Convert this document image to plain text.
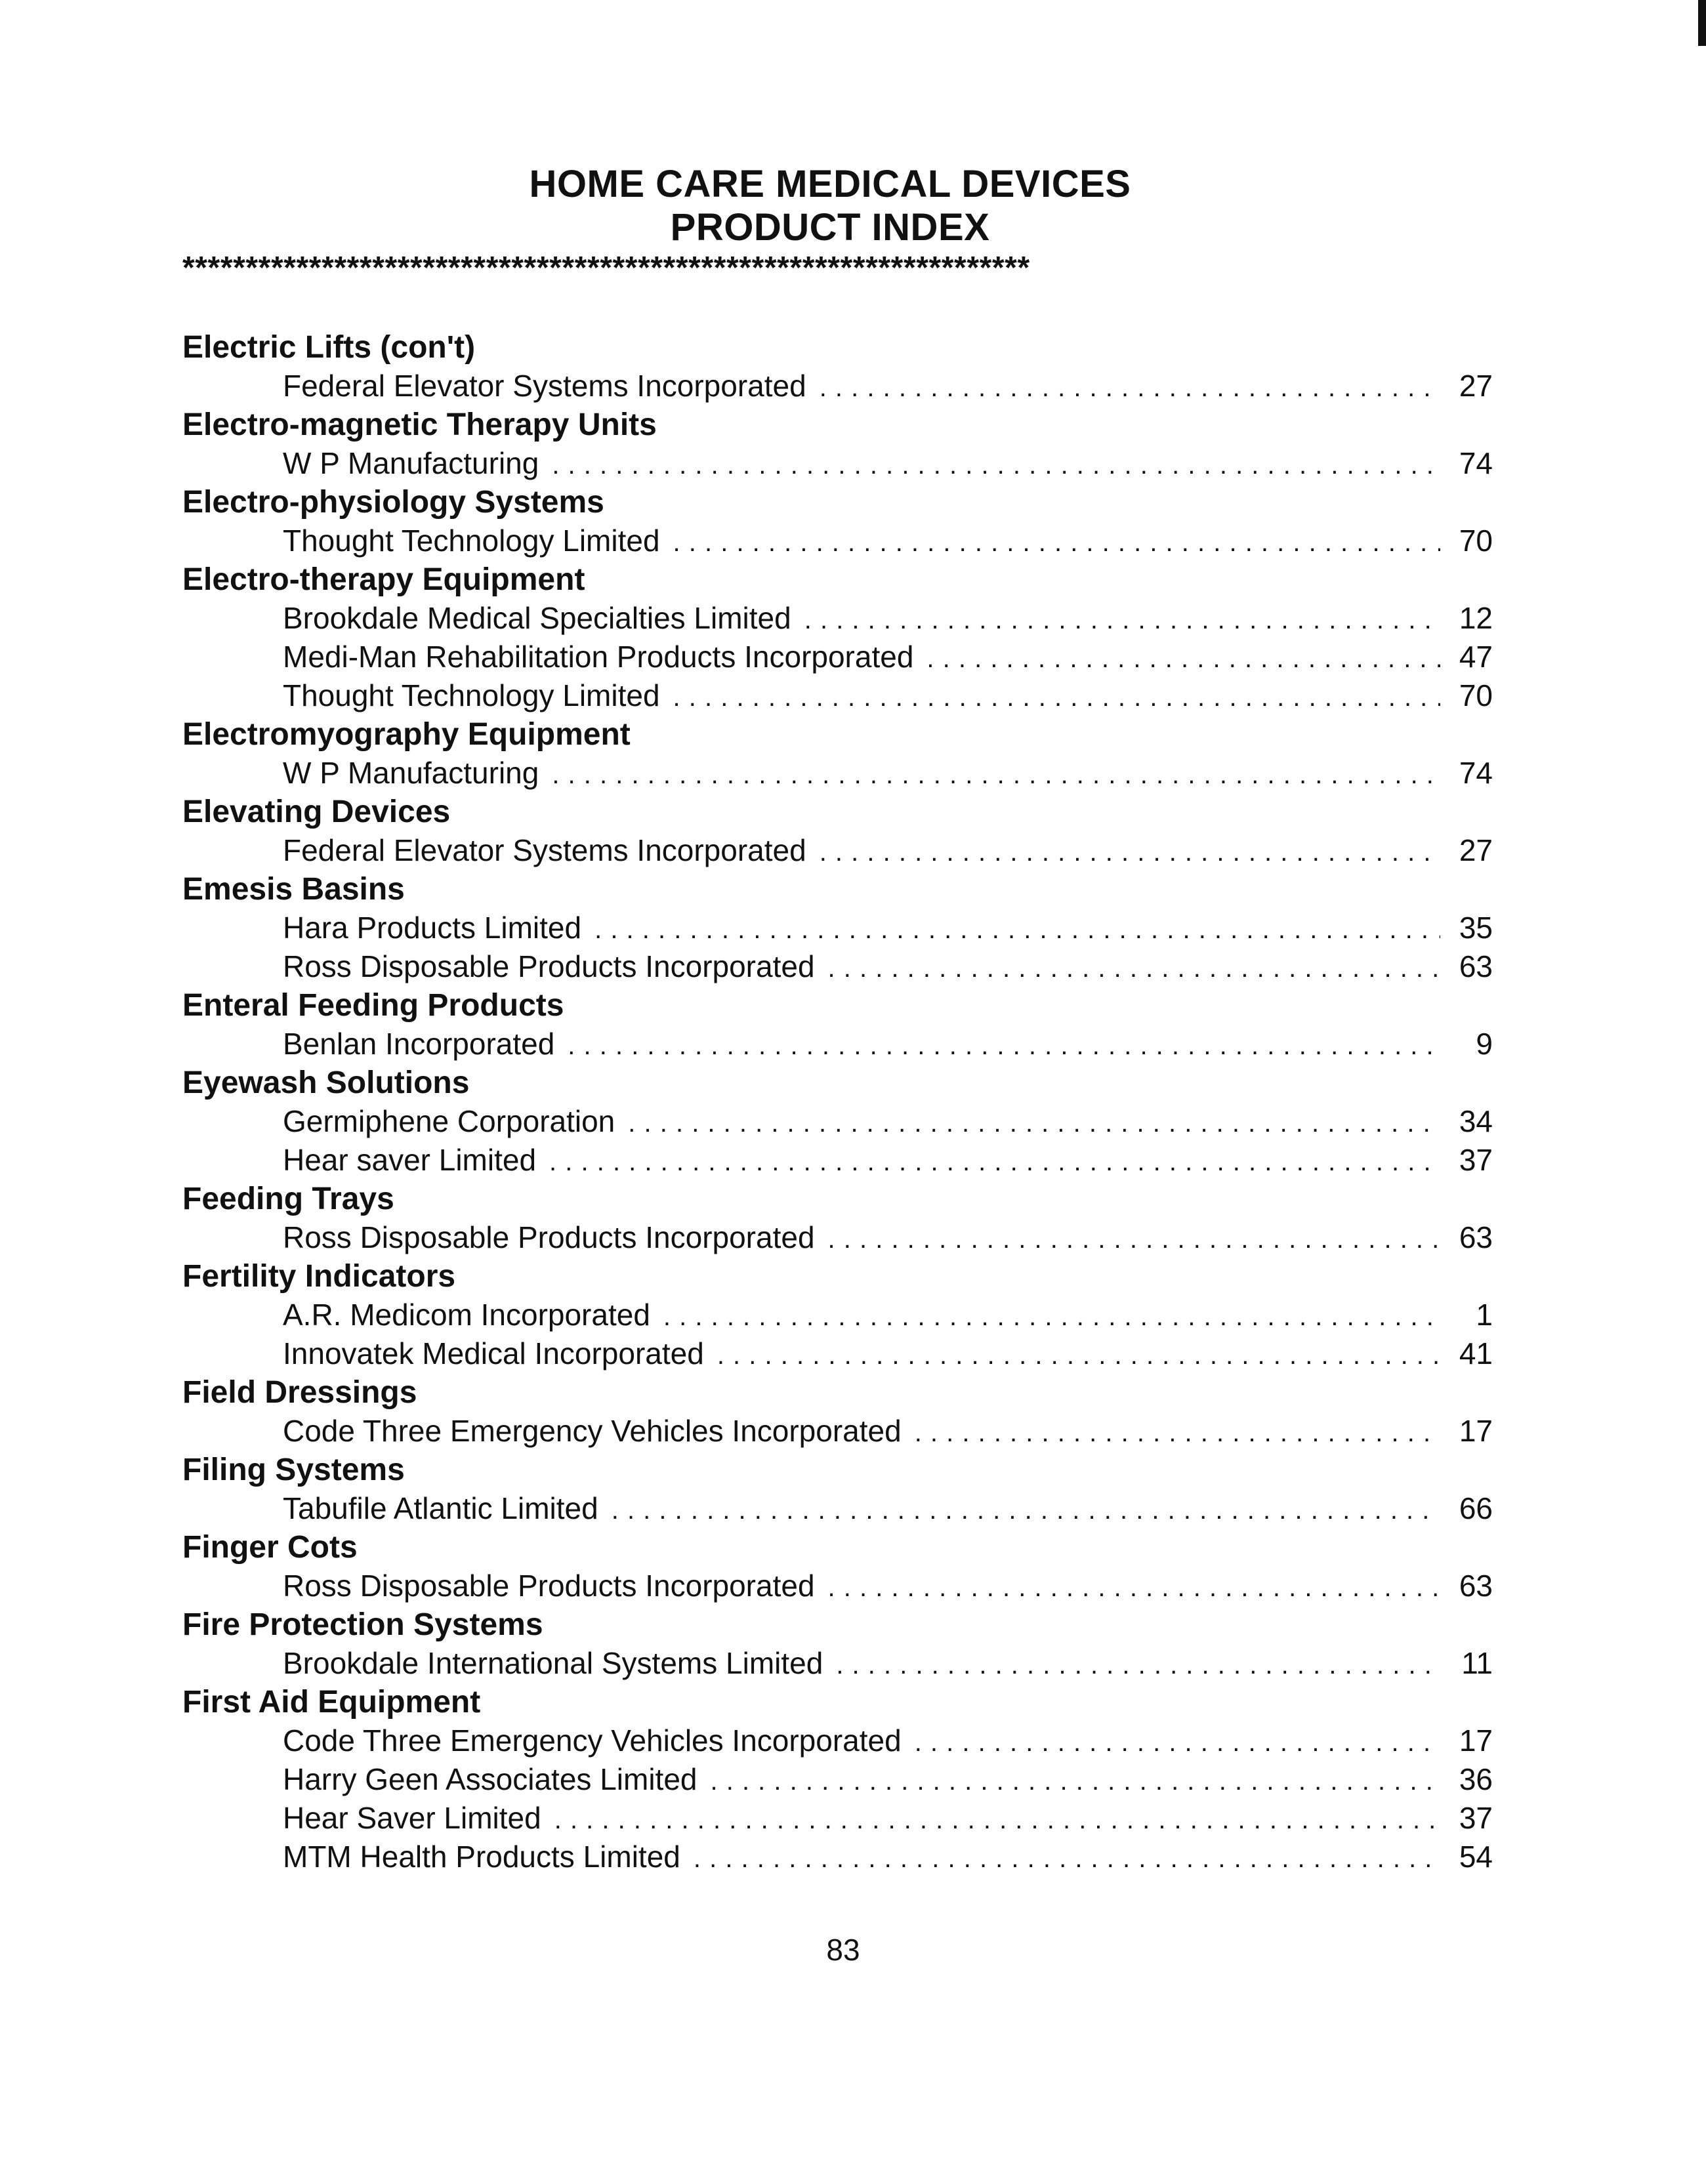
HOME CARE MEDICAL DEVICES
PRODUCT INDEX
*******************************************************************
Electric Lifts (con't)
Federal Elevator Systems Incorporated . . .	27
Electro-magnetic Therapy Units
W P Manufacturing . . .	74
Electro-physiology Systems
Thought Technology Limited . . .	70
Electro-therapy Equipment
Brookdale Medical Specialties Limited . . .	12
Medi-Man Rehabilitation Products Incorporated . . .	47
Thought Technology Limited . . .	70
Electromyography Equipment
W P Manufacturing . . .	74
Elevating Devices
Federal Elevator Systems Incorporated . . .	27
Emesis Basins
Hara Products Limited . . .	35
Ross Disposable Products Incorporated . . .	63
Enteral Feeding Products
Benlan Incorporated . . .	9
Eyewash Solutions
Germiphene Corporation . . .	34
Hear saver Limited . . .	37
Feeding Trays
Ross Disposable Products Incorporated . . .	63
Fertility Indicators
A.R. Medicom Incorporated . . .	1
Innovatek Medical Incorporated . . .	41
Field Dressings
Code Three Emergency Vehicles Incorporated . . .	17
Filing Systems
Tabufile Atlantic Limited . . .	66
Finger Cots
Ross Disposable Products Incorporated . . .	63
Fire Protection Systems
Brookdale International Systems Limited . . .	11
First Aid Equipment
Code Three Emergency Vehicles Incorporated . . .	17
Harry Geen Associates Limited . . .	36
Hear Saver Limited . . .	37
MTM Health Products Limited . . .	54
83
